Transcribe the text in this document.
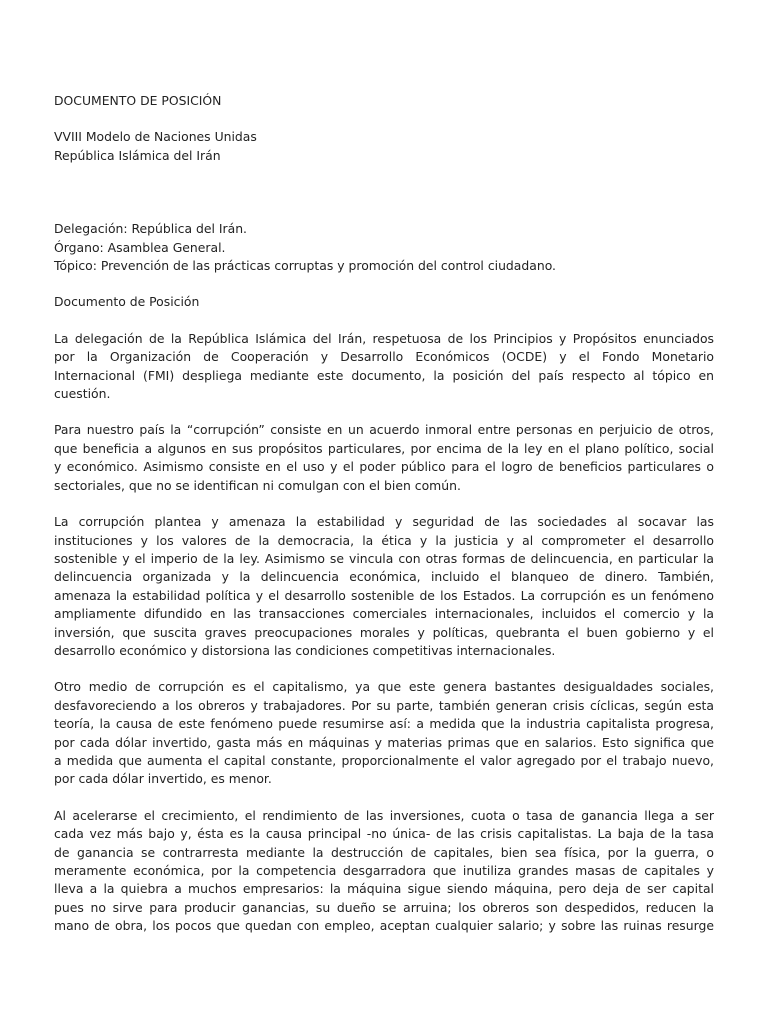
DOCUMENTO DE POSICIÓN
VVIII Modelo de Naciones Unidas
República Islámica del Irán
Delegación: República del Irán.
Órgano: Asamblea General.
Tópico: Prevención de las prácticas corruptas y promoción del control ciudadano.
Documento de Posición
La delegación de la República Islámica del Irán, respetuosa de los Principios y Propósitos enunciados
por la Organización de Cooperación y Desarrollo Económicos (OCDE) y el Fondo Monetario
Internacional (FMI) despliega mediante este documento, la posición del país respecto al tópico en
cuestión.
Para nuestro país la “corrupción” consiste en un acuerdo inmoral entre personas en perjuicio de otros,
que beneficia a algunos en sus propósitos particulares, por encima de la ley en el plano político, social
y económico. Asimismo consiste en el uso y el poder público para el logro de beneficios particulares o
sectoriales, que no se identifican ni comulgan con el bien común.
La corrupción plantea y amenaza la estabilidad y seguridad de las sociedades al socavar las
instituciones y los valores de la democracia, la ética y la justicia y al comprometer el desarrollo
sostenible y el imperio de la ley. Asimismo se vincula con otras formas de delincuencia, en particular la
delincuencia organizada y la delincuencia económica, incluido el blanqueo de dinero. También,
amenaza la estabilidad política y el desarrollo sostenible de los Estados. La corrupción es un fenómeno
ampliamente difundido en las transacciones comerciales internacionales, incluidos el comercio y la
inversión, que suscita graves preocupaciones morales y políticas, quebranta el buen gobierno y el
desarrollo económico y distorsiona las condiciones competitivas internacionales.
Otro medio de corrupción es el capitalismo, ya que este genera bastantes desigualdades sociales,
desfavoreciendo a los obreros y trabajadores. Por su parte, también generan crisis cíclicas, según esta
teoría, la causa de este fenómeno puede resumirse así: a medida que la industria capitalista progresa,
por cada dólar invertido, gasta más en máquinas y materias primas que en salarios. Esto significa que
a medida que aumenta el capital constante, proporcionalmente el valor agregado por el trabajo nuevo,
por cada dólar invertido, es menor.
Al acelerarse el crecimiento, el rendimiento de las inversiones, cuota o tasa de ganancia llega a ser
cada vez más bajo y, ésta es la causa principal -no única- de las crisis capitalistas. La baja de la tasa
de ganancia se contrarresta mediante la destrucción de capitales, bien sea física, por la guerra, o
meramente económica, por la competencia desgarradora que inutiliza grandes masas de capitales y
lleva a la quiebra a muchos empresarios: la máquina sigue siendo máquina, pero deja de ser capital
pues no sirve para producir ganancias, su dueño se arruina; los obreros son despedidos, reducen la
mano de obra, los pocos que quedan con empleo, aceptan cualquier salario; y sobre las ruinas resurge
